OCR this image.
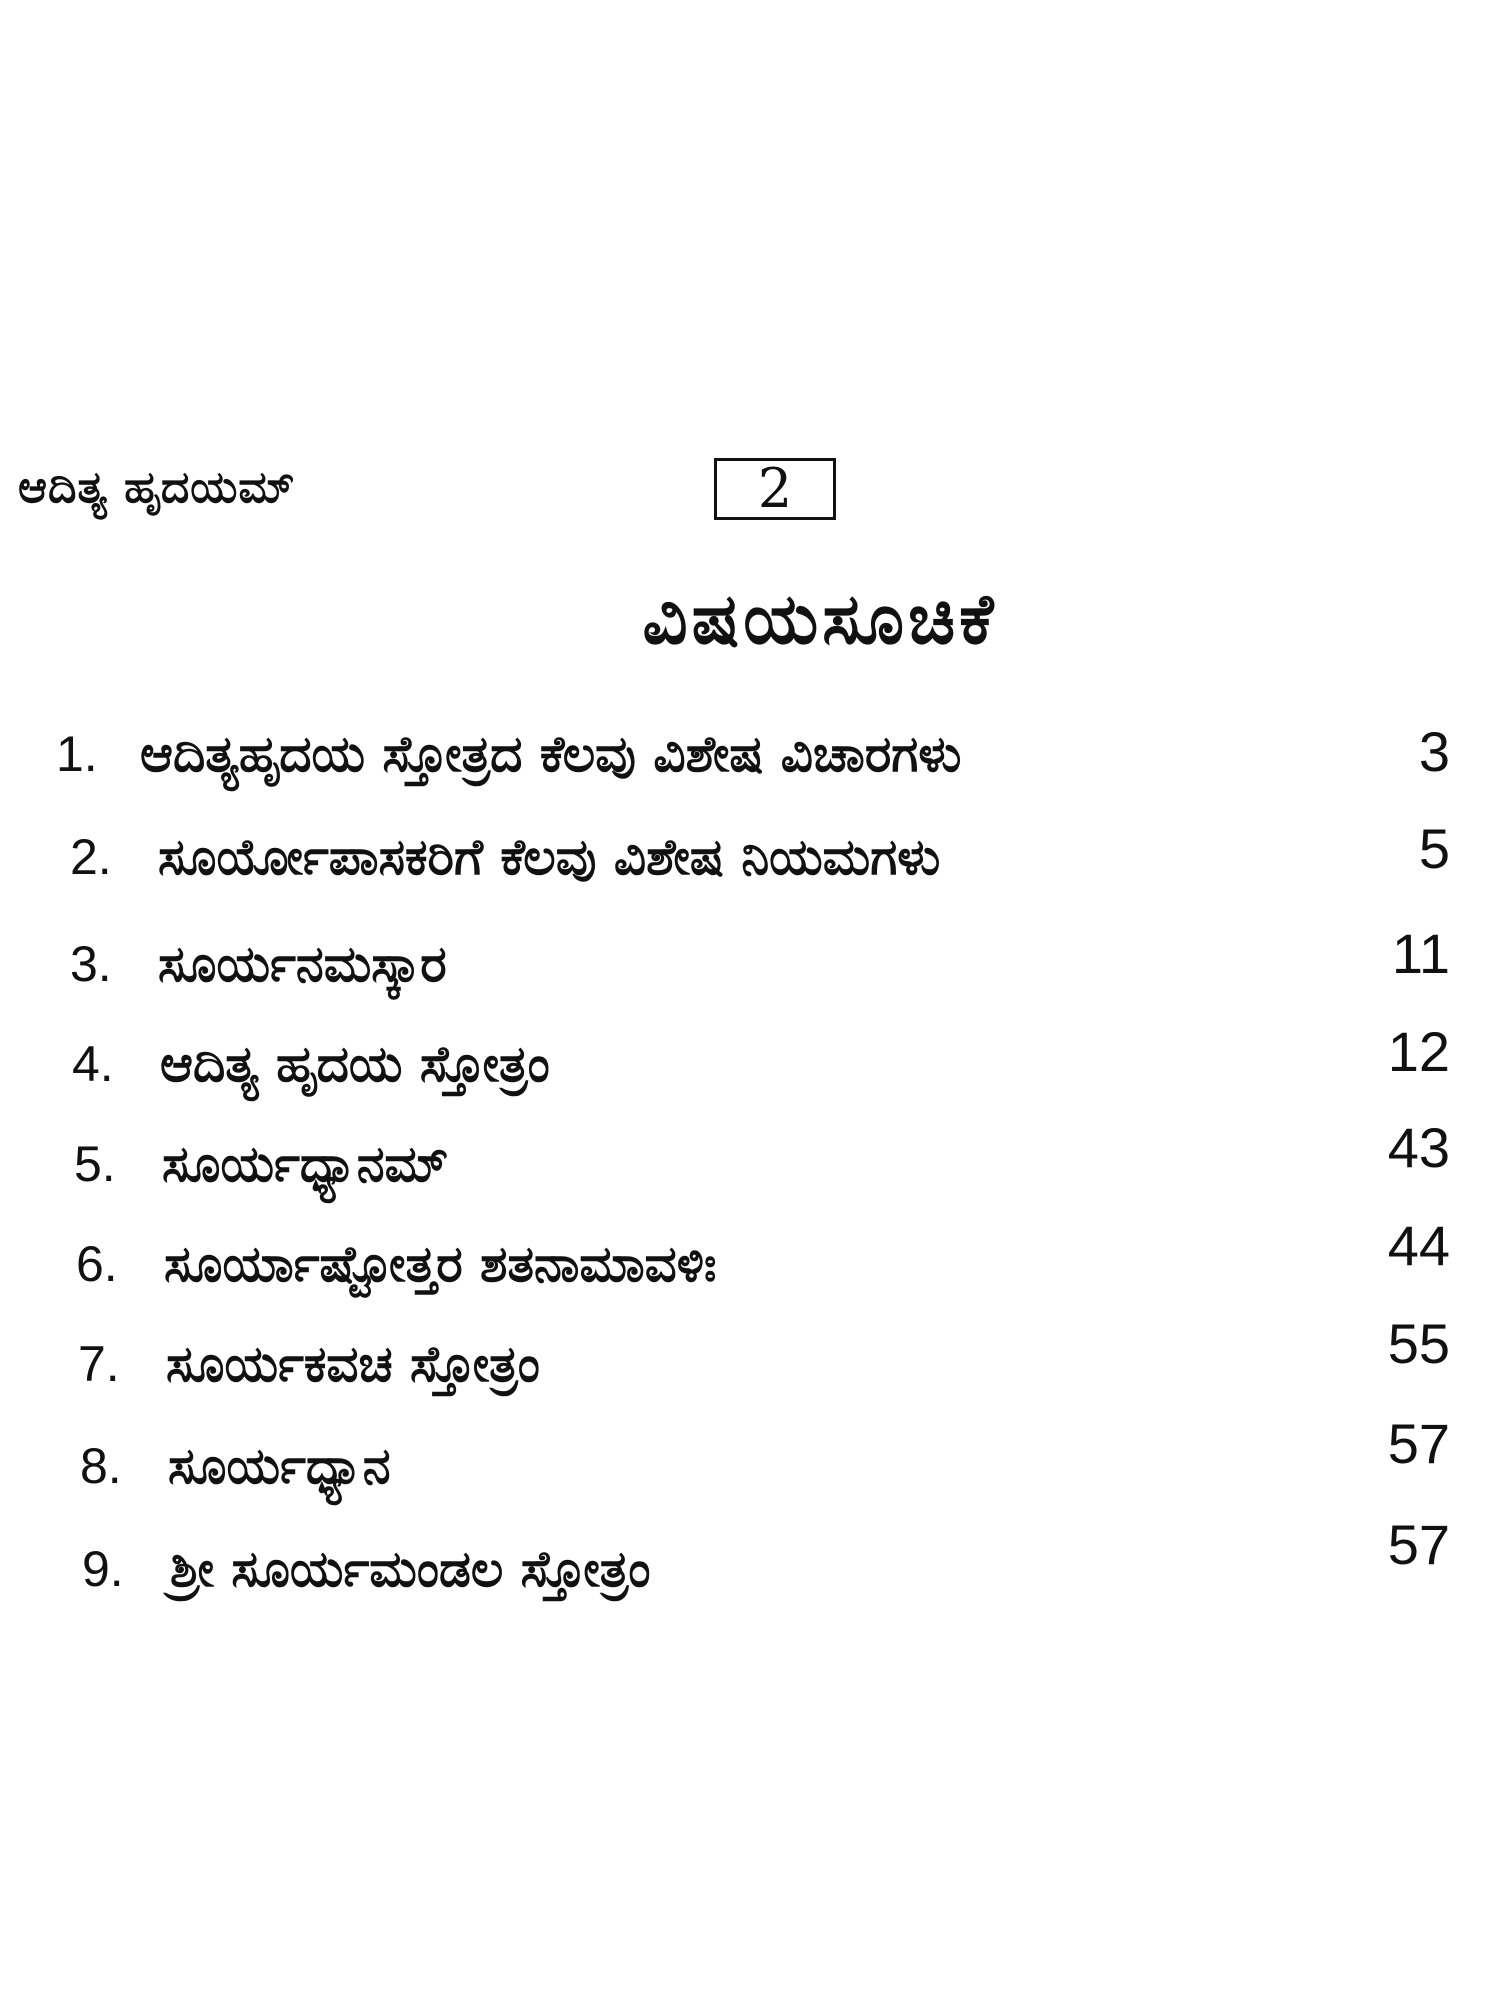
ಆದಿತ್ಯ ಹೃದಯಮ್	2
ವಿಷಯಸೂಚಿಕೆ
1. ಆದಿತ್ಯಹೃದಯ ಸ್ತೋತ್ರದ ಕೆಲವು ವಿಶೇಷ ವಿಚಾರಗಳು	3
2. ಸೂರ್ಯೋಪಾಸಕರಿಗೆ ಕೆಲವು ವಿಶೇಷ ನಿಯಮಗಳು	5
3. ಸೂರ್ಯನಮಸ್ಕಾರ	11
4. ಆದಿತ್ಯ ಹೃದಯ ಸ್ತೋತ್ರಂ	12
5. ಸೂರ್ಯಧ್ಯಾನಮ್	43
6. ಸೂರ್ಯಾಷ್ಟೋತ್ತರ ಶತನಾಮಾವಳಿಃ	44
7. ಸೂರ್ಯಕವಚ ಸ್ತೋತ್ರಂ	55
8. ಸೂರ್ಯಧ್ಯಾನ	57
9. ಶ್ರೀ ಸೂರ್ಯಮಂಡಲ ಸ್ತೋತ್ರಂ	57
